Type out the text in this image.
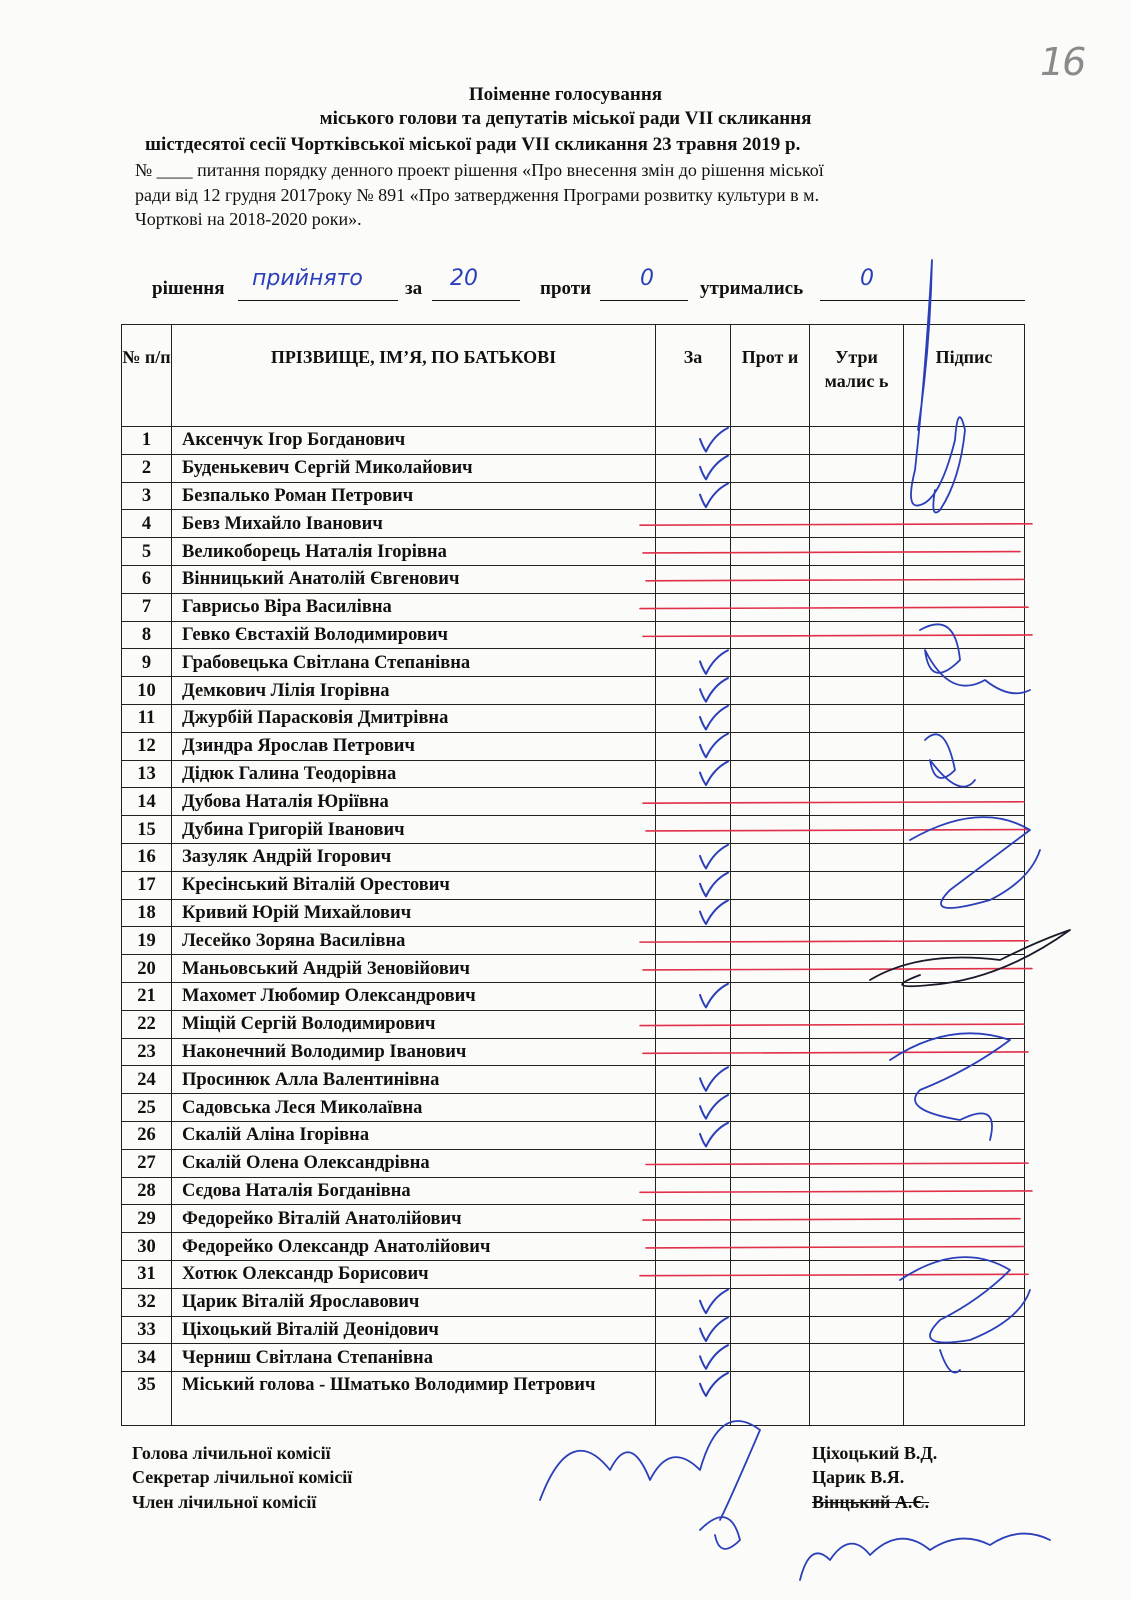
16
Поіменне голосування
міського голови та депутатів міської ради VII скликання
шістдесятої сесії Чортківської міської ради VII скликання 23 травня 2019 р.
№ ____ питання порядку денного проект рішення «Про внесення змін до рішення міської
ради від 12 грудня 2017року № 891 «Про затвердження Програми розвитку культури в м.
Чорткові на 2018-2020 роки».
рішення прийнято за 20	проти 0 утримались	0
№ п/п	ПРІЗВИЩЕ, ІМ’Я, ПО БАТЬКОВІ	За	Прот и	Утри малис ь	Підпис
1	Аксенчук Ігор Богданович				
2	Буденькевич Сергій Миколайович				
3	Безпалько Роман Петрович				
4	Бевз Михайло Іванович				
5	Великоборець Наталія Ігорівна				
6	Вінницький Анатолій Євгенович				
7	Гаврисьо Віра Василівна				
8	Гевко Євстахій Володимирович				
9	Грабовецька Світлана Степанівна				
10	Демкович Лілія Ігорівна				
11	Джурбій Парасковія Дмитрівна				
12	Дзиндра Ярослав Петрович				
13	Дідюк Галина Теодорівна				
14	Дубова Наталія Юріївна				
15	Дубина Григорій Іванович				
16	Зазуляк Андрій Ігорович				
17	Кресінський Віталій Орестович				
18	Кривий Юрій Михайлович				
19	Лесейко Зоряна Василівна				
20	Маньовський Андрій Зеновійович				
21	Махомет Любомир Олександрович				
22	Міщій Сергій Володимирович				
23	Наконечний Володимир Іванович				
24	Просинюк Алла Валентинівна				
25	Садовська Леся Миколаївна				
26	Скалій Аліна Ігорівна				
27	Скалій Олена Олександрівна				
28	Сєдова Наталія Богданівна				
29	Федорейко Віталій Анатолійович				
30	Федорейко Олександр Анатолійович				
31	Хотюк Олександр Борисович				
32	Царик Віталій Ярославович				
33	Ціхоцький Віталій Деонідович				
34	Черниш Світлана Степанівна				
35	Міський голова - Шматько Володимир Петрович				
Голова лічильної комісії
Секретар лічильної комісії
Член лічильної комісії
Ціхоцький В.Д.
Царик В.Я.
Вінцький А.Є.
